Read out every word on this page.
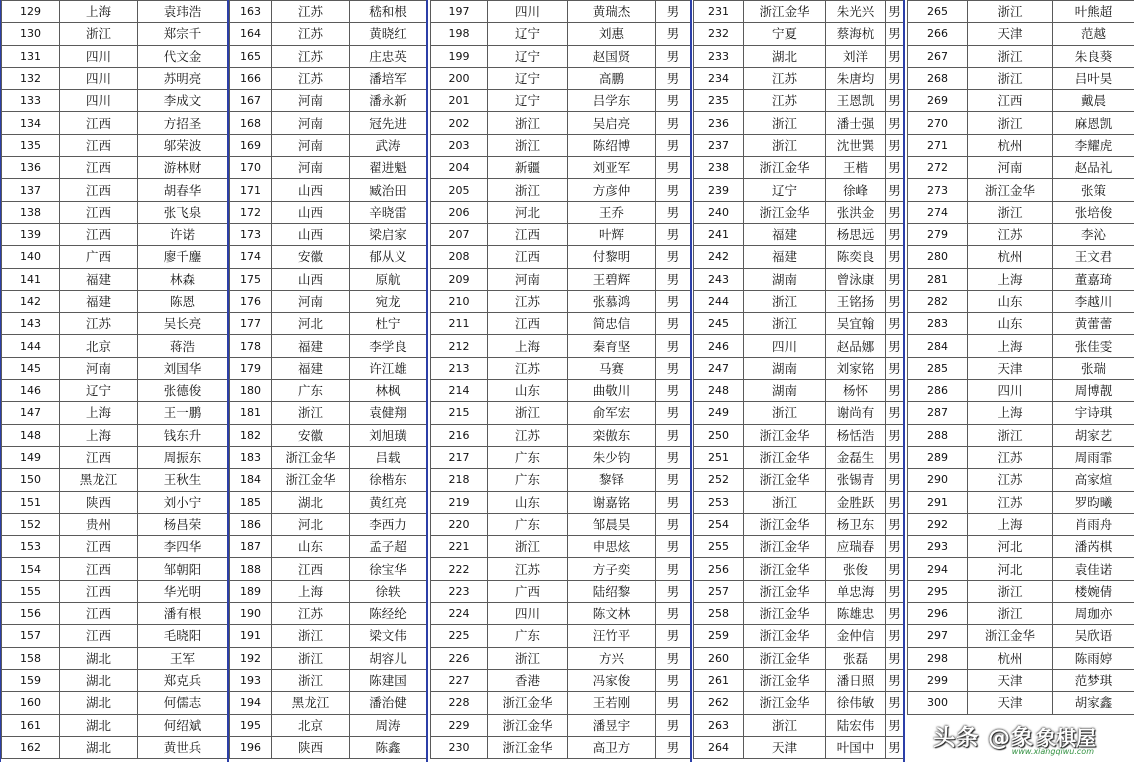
129	上海	袁玮浩
130	浙江	郑宗千
131	四川	代文金
132	四川	苏明亮
133	四川	李成文
134	江西	方招圣
135	江西	邬荣波
136	江西	游林财
137	江西	胡春华
138	江西	张飞泉
139	江西	许诺
140	广西	廖千鏖
141	福建	林森
142	福建	陈恩
143	江苏	吴长亮
144	北京	蒋浩
145	河南	刘国华
146	辽宁	张德俊
147	上海	王一鹏
148	上海	钱东升
149	江西	周振东
150	黑龙江	王秋生
151	陕西	刘小宁
152	贵州	杨昌荣
153	江西	李四华
154	江西	邹朝阳
155	江西	华光明
156	江西	潘有根
157	江西	毛晓阳
158	湖北	王军
159	湖北	郑克兵
160	湖北	何儒志
161	湖北	何绍斌
162	湖北	黄世兵
163	江苏	嵇和根
164	江苏	黄晓红
165	江苏	庄忠英
166	江苏	潘培军
167	河南	潘永新
168	河南	冠先进
169	河南	武涛
170	河南	翟进魁
171	山西	臧治田
172	山西	辛晓雷
173	山西	梁启家
174	安徽	郁从义
175	山西	原航
176	河南	宛龙
177	河北	杜宁
178	福建	李学良
179	福建	许江雄
180	广东	林枫
181	浙江	袁健翔
182	安徽	刘旭璜
183	浙江金华	吕载
184	浙江金华	徐楷东
185	湖北	黄红亮
186	河北	李西力
187	山东	孟子超
188	江西	徐宝华
189	上海	徐轶
190	江苏	陈经纶
191	浙江	梁文伟
192	浙江	胡容儿
193	浙江	陈建国
194	黑龙江	潘治健
195	北京	周涛
196	陕西	陈鑫
197	四川	黄瑞杰	男
198	辽宁	刘惠	男
199	辽宁	赵国贤	男
200	辽宁	高鹏	男
201	辽宁	吕学东	男
202	浙江	吴启亮	男
203	浙江	陈绍博	男
204	新疆	刘亚军	男
205	浙江	方彦仲	男
206	河北	王乔	男
207	江西	叶辉	男
208	江西	付黎明	男
209	河南	王碧辉	男
210	江苏	张慕鸿	男
211	江西	简忠信	男
212	上海	秦育坚	男
213	江苏	马赛	男
214	山东	曲敬川	男
215	浙江	俞军宏	男
216	江苏	栾傲东	男
217	广东	朱少钧	男
218	广东	黎铎	男
219	山东	谢嘉铭	男
220	广东	邹晨昊	男
221	浙江	申思炫	男
222	江苏	方子奕	男
223	广西	陆绍黎	男
224	四川	陈文林	男
225	广东	汪竹平	男
226	浙江	方兴	男
227	香港	冯家俊	男
228	浙江金华	王若刚	男
229	浙江金华	潘昱宇	男
230	浙江金华	高卫方	男
231	浙江金华	朱光兴	男
232	宁夏	蔡海杭	男
233	湖北	刘洋	男
234	江苏	朱唐均	男
235	江苏	王恩凯	男
236	浙江	潘士强	男
237	浙江	沈世巽	男
238	浙江金华	王楷	男
239	辽宁	徐峰	男
240	浙江金华	张洪金	男
241	福建	杨思远	男
242	福建	陈奕良	男
243	湖南	曾泳康	男
244	浙江	王铭扬	男
245	浙江	吴宜翰	男
246	四川	赵品娜	男
247	湖南	刘家铭	男
248	湖南	杨怀	男
249	浙江	谢尚有	男
250	浙江金华	杨恬浩	男
251	浙江金华	金磊生	男
252	浙江金华	张锡青	男
253	浙江	金胜跃	男
254	浙江金华	杨卫东	男
255	浙江金华	应瑞春	男
256	浙江金华	张俊	男
257	浙江金华	单忠海	男
258	浙江金华	陈雄忠	男
259	浙江金华	金仲信	男
260	浙江金华	张磊	男
261	浙江金华	潘日照	男
262	浙江金华	徐伟敏	男
263	浙江	陆宏伟	男
264	天津	叶国中	男
265	浙江	叶熊超
266	天津	范越
267	浙江	朱良葵
268	浙江	吕叶昊
269	江西	戴晨
270	浙江	麻恩凯
271	杭州	李耀虎
272	河南	赵品礼
273	浙江金华	张策
274	浙江	张培俊
279	江苏	李沁
280	杭州	王文君
281	上海	董嘉琦
282	山东	李越川
283	山东	黄蕾蕾
284	上海	张佳雯
285	天津	张瑞
286	四川	周博靓
287	上海	宇诗琪
288	浙江	胡家艺
289	江苏	周雨霏
290	江苏	高家煊
291	江苏	罗昀曦
292	上海	肖雨舟
293	河北	潘芮棋
294	河北	袁佳诺
295	浙江	楼婉倩
296	浙江	周珈亦
297	浙江金华	吴欣语
298	杭州	陈雨婷
299	天津	范梦琪
300	天津	胡家鑫
头条 @象 象棋屋
www.xiangqiwu.com
